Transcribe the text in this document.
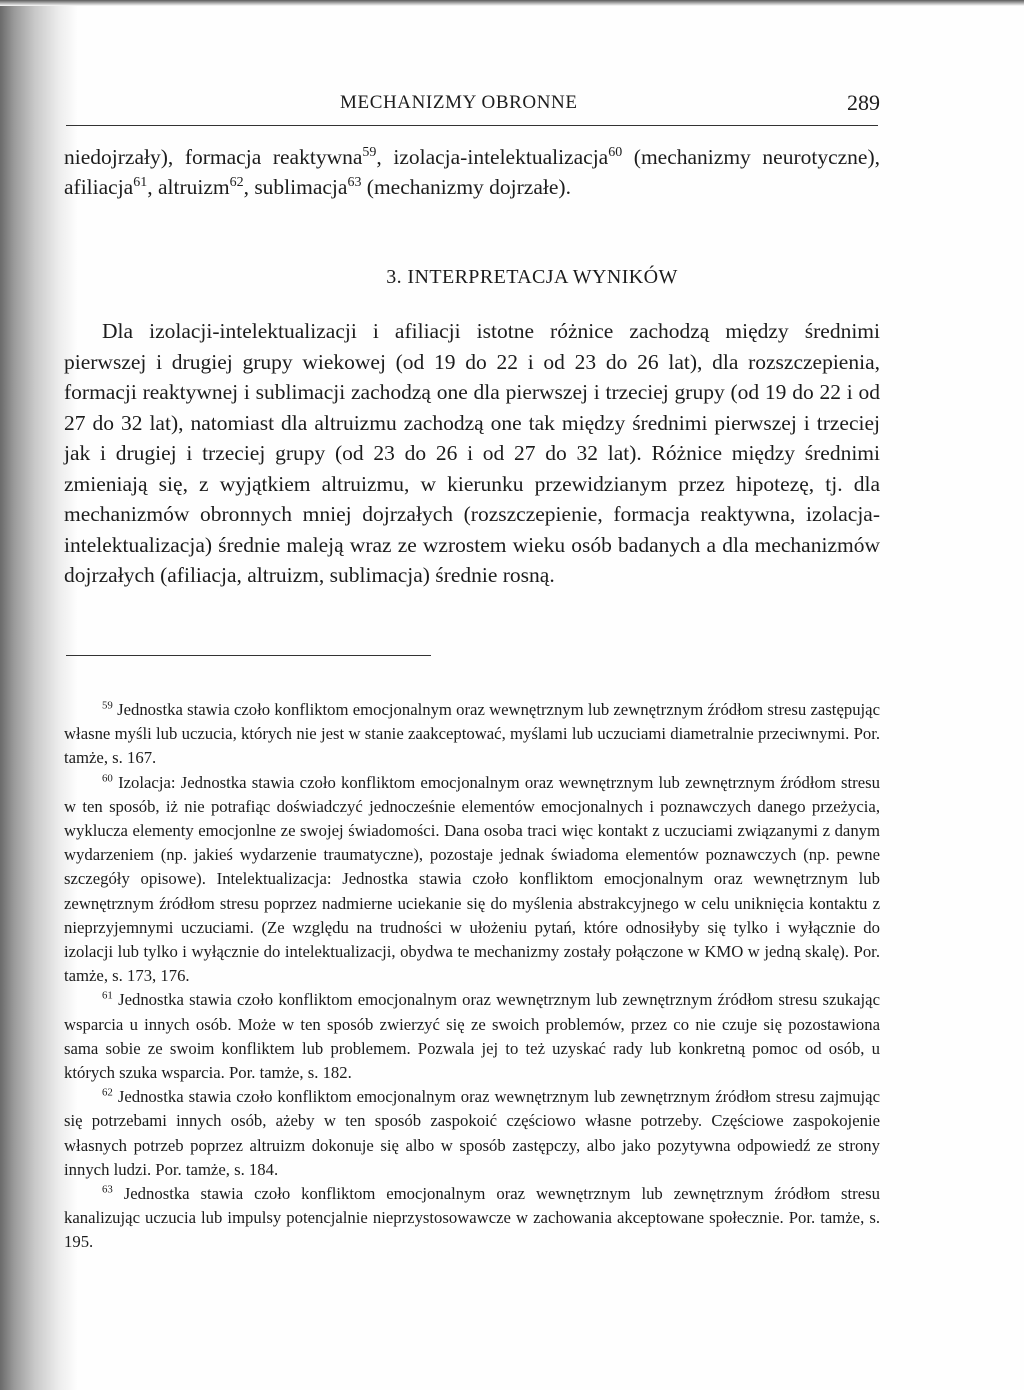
MECHANIZMY OBRONNE	289
niedojrzały), formacja reaktywna$^{59}$, izolacja-intelektualizacja$^{60}$ (mechanizmy neurotyczne), afiliacja$^{61}$, altruizm$^{62}$, sublimacja$^{63}$ (mechanizmy dojrzałe).
3. INTERPRETACJA WYNIKÓW

Dla izolacji-intelektualizacji i afiliacji istotne różnice zachodzą między średnimi pierwszej i drugiej grupy wiekowej (od 19 do 22 i od 23 do 26 lat), dla rozszczepienia, formacji reaktywnej i sublimacji zachodzą one dla pierwszej i trzeciej grupy (od 19 do 22 i od 27 do 32 lat), natomiast dla altruizmu zachodzą one tak między średnimi pierwszej i trzeciej jak i drugiej i trzeciej grupy (od 23 do 26 i od 27 do 32 lat). Różnice między średnimi zmieniają się, z wyjątkiem altruizmu, w kierunku przewidzianym przez hipotezę, tj. dla mechanizmów obronnych mniej dojrzałych (rozszczepienie, formacja reaktywna, izolacja-intelektualizacja) średnie maleją wraz ze wzrostem wieku osób badanych a dla mechanizmów dojrzałych (afiliacja, altruizm, sublimacja) średnie rosną.

$^{59}$ Jednostka stawia czoło konfliktom emocjonalnym oraz wewnętrznym lub zewnętrznym źródłom stresu zastępując własne myśli lub uczucia, których nie jest w stanie zaakceptować, myślami lub uczuciami diametralnie przeciwnymi. Por. tamże, s. 167.

$^{60}$ Izolacja: Jednostka stawia czoło konfliktom emocjonalnym oraz wewnętrznym lub zewnętrznym źródłom stresu w ten sposób, iż nie potrafiąc doświadczyć jednocześnie elementów emocjonalnych i poznawczych danego przeżycia, wyklucza elementy emocjonlne ze swojej świadomości. Dana osoba traci więc kontakt z uczuciami związanymi z danym wydarzeniem (np. jakieś wydarzenie traumatyczne), pozostaje jednak świadoma elementów poznawczych (np. pewne szczegóły opisowe). Intelektualizacja: Jednostka stawia czoło konfliktom emocjonalnym oraz wewnętrznym lub zewnętrznym źródłom stresu poprzez nadmierne uciekanie się do myślenia abstrakcyjnego w celu uniknięcia kontaktu z nieprzyjemnymi uczuciami. (Ze względu na trudności w ułożeniu pytań, które odnosiłyby się tylko i wyłącznie do izolacji lub tylko i wyłącznie do intelektualizacji, obydwa te mechanizmy zostały połączone w KMO w jedną skalę). Por. tamże, s. 173, 176.

$^{61}$ Jednostka stawia czoło konfliktom emocjonalnym oraz wewnętrznym lub zewnętrznym źródłom stresu szukając wsparcia u innych osób. Może w ten sposób zwierzyć się ze swoich problemów, przez co nie czuje się pozostawiona sama sobie ze swoim konfliktem lub problemem. Pozwala jej to też uzyskać rady lub konkretną pomoc od osób, u których szuka wsparcia. Por. tamże, s. 182.

$^{62}$ Jednostka stawia czoło konfliktom emocjonalnym oraz wewnętrznym lub zewnętrznym źródłom stresu zajmując się potrzebami innych osób, ażeby w ten sposób zaspokoić częściowo własne potrzeby. Częściowe zaspokojenie własnych potrzeb poprzez altruizm dokonuje się albo w sposób zastępczy, albo jako pozytywna odpowiedź ze strony innych ludzi. Por. tamże, s. 184.

$^{63}$ Jednostka stawia czoło konfliktom emocjonalnym oraz wewnętrznym lub zewnętrznym źródłom stresu kanalizując uczucia lub impulsy potencjalnie nieprzystosowawcze w zachowania akceptowane społecznie. Por. tamże, s. 195.
